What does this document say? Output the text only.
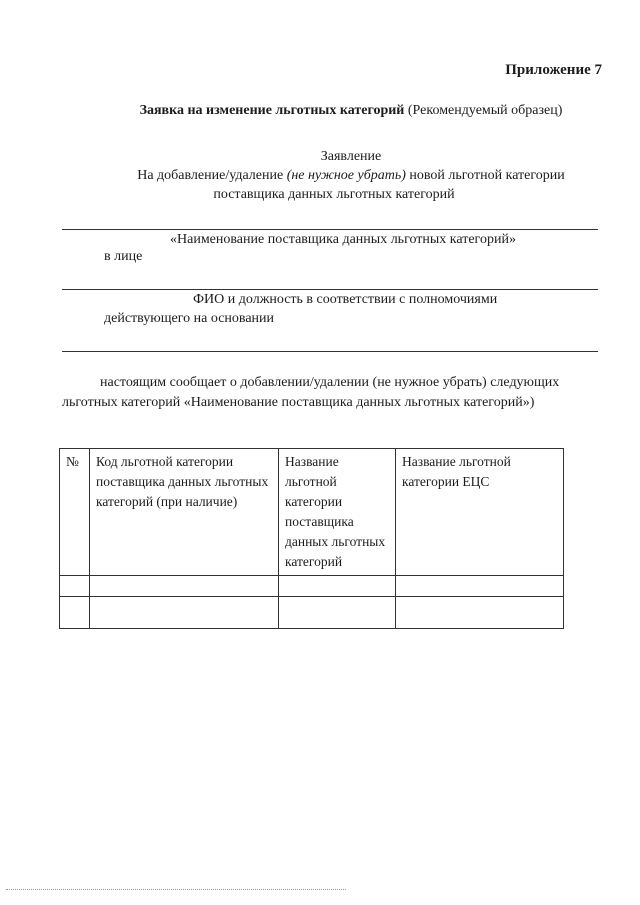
Приложение 7
Заявка на изменение льготных категорий (Рекомендуемый образец)
Заявление
На добавление/удаление (не нужное убрать) новой льготной категории
поставщика данных льготных категорий
«Наименование поставщика данных льготных категорий»
в лице
ФИО и должность в соответствии с полномочиями
действующего на основании
настоящим сообщает о добавлении/удалении (не нужное убрать) следующих льготных категорий «Наименование поставщика данных льготных категорий»)
№	Код льготной категории поставщика данных льготных категорий (при наличие)	Название льготной категории поставщика данных льготных категорий	Название льготной категории ЕЦС
